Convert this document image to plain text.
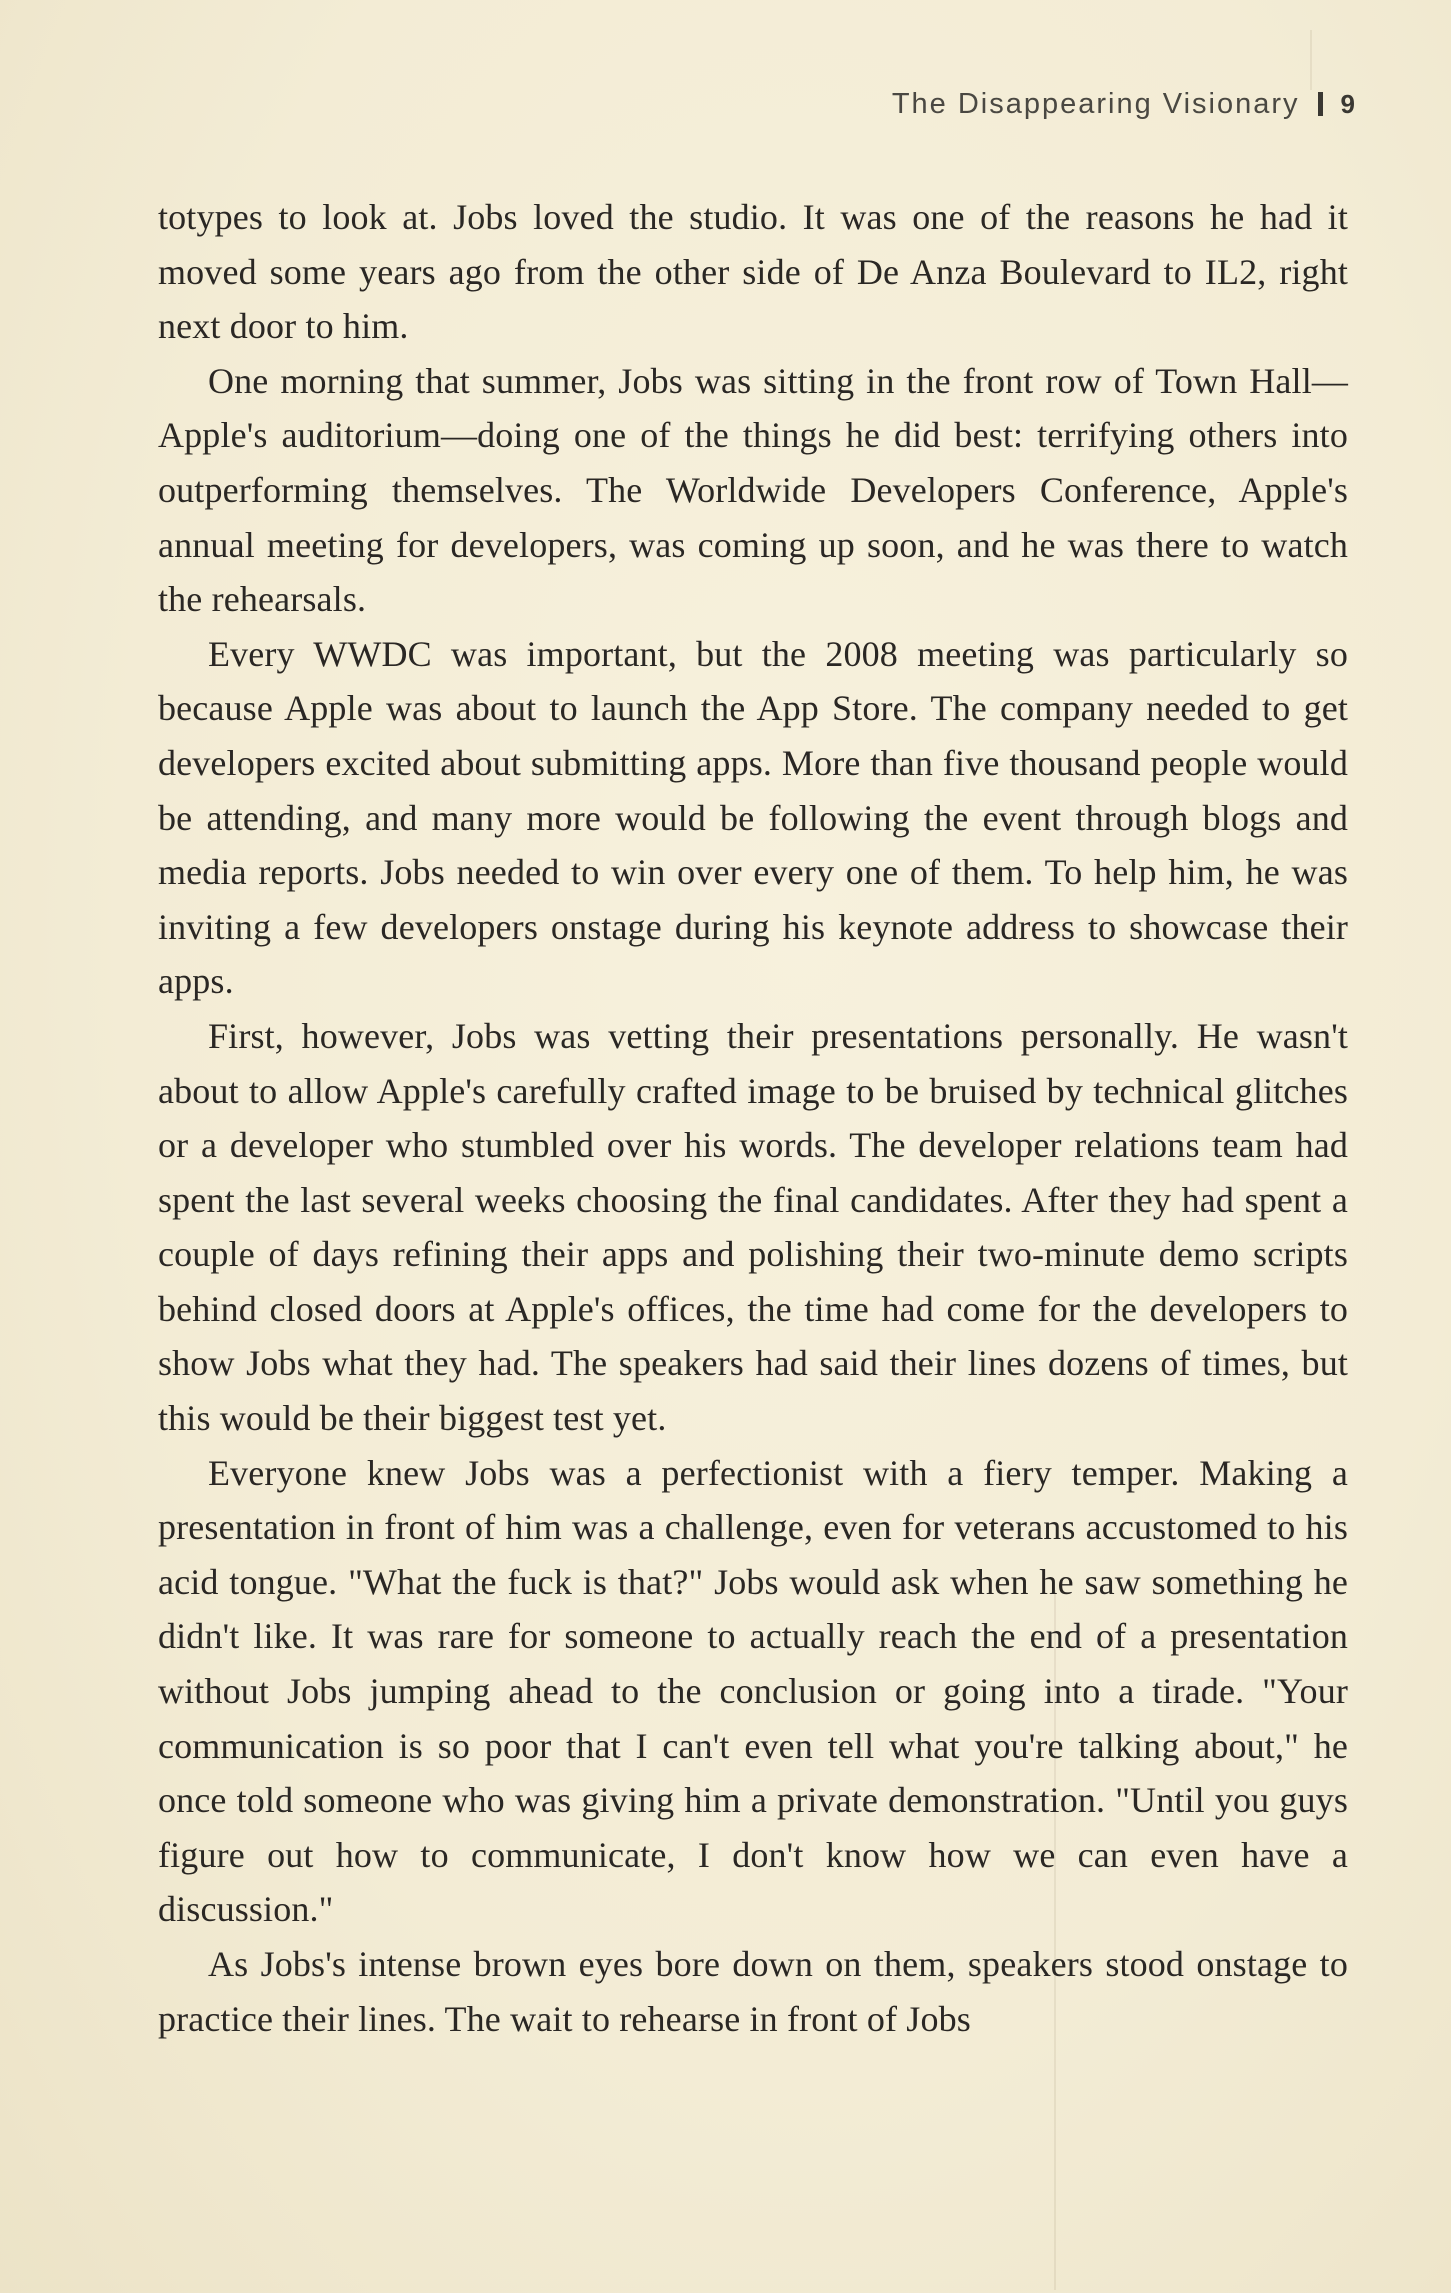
The Disappearing Visionary 9

totypes to look at. Jobs loved the studio. It was one of the reasons he had it moved some years ago from the other side of De Anza Boulevard to IL2, right next door to him.

One morning that summer, Jobs was sitting in the front row of Town Hall—Apple's auditorium—doing one of the things he did best: terrifying others into outperforming themselves. The Worldwide Developers Conference, Apple's annual meeting for developers, was coming up soon, and he was there to watch the rehearsals.

Every WWDC was important, but the 2008 meeting was particularly so because Apple was about to launch the App Store. The company needed to get developers excited about submitting apps. More than five thousand people would be attending, and many more would be following the event through blogs and media reports. Jobs needed to win over every one of them. To help him, he was inviting a few developers onstage during his keynote address to showcase their apps.

First, however, Jobs was vetting their presentations personally. He wasn't about to allow Apple's carefully crafted image to be bruised by technical glitches or a developer who stumbled over his words. The developer relations team had spent the last several weeks choosing the final candidates. After they had spent a couple of days refining their apps and polishing their two-minute demo scripts behind closed doors at Apple's offices, the time had come for the developers to show Jobs what they had. The speakers had said their lines dozens of times, but this would be their biggest test yet.

Everyone knew Jobs was a perfectionist with a fiery temper. Making a presentation in front of him was a challenge, even for veterans accustomed to his acid tongue. "What the fuck is that?" Jobs would ask when he saw something he didn't like. It was rare for someone to actually reach the end of a presentation without Jobs jumping ahead to the conclusion or going into a tirade. "Your communication is so poor that I can't even tell what you're talking about," he once told someone who was giving him a private demonstration. "Until you guys figure out how to communicate, I don't know how we can even have a discussion."

As Jobs's intense brown eyes bore down on them, speakers stood onstage to practice their lines. The wait to rehearse in front of Jobs
